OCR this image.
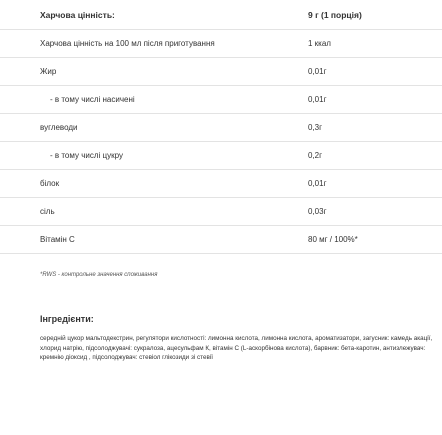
Харчова цінність:	9 г (1 порція)
Харчова цінність на 100 мл після приготування	1 ккал
Жир	0,01г
- в тому числі насичені	0,01г
вуглеводи	0,3г
- в тому числі цукру	0,2г
білок	0,01г
сіль	0,03г
Вітамін С	80 мг / 100%*
*RWS - контрольне значення споживання
Інгредієнти:
середній цукор мальтодекстрин, регулятори кислотності: лимонна кислота, лимонна кислота, ароматизатори, загусник: камедь акації, хлорид натрію, підсолоджувачі: сукралоза, ацесульфам К, вітамін С (L-аскорбінова кислота), барвник: бета-каротин, антизлежувач: кремнію діоксид , підсолоджувач: стевіол глікозиди зі стевії
